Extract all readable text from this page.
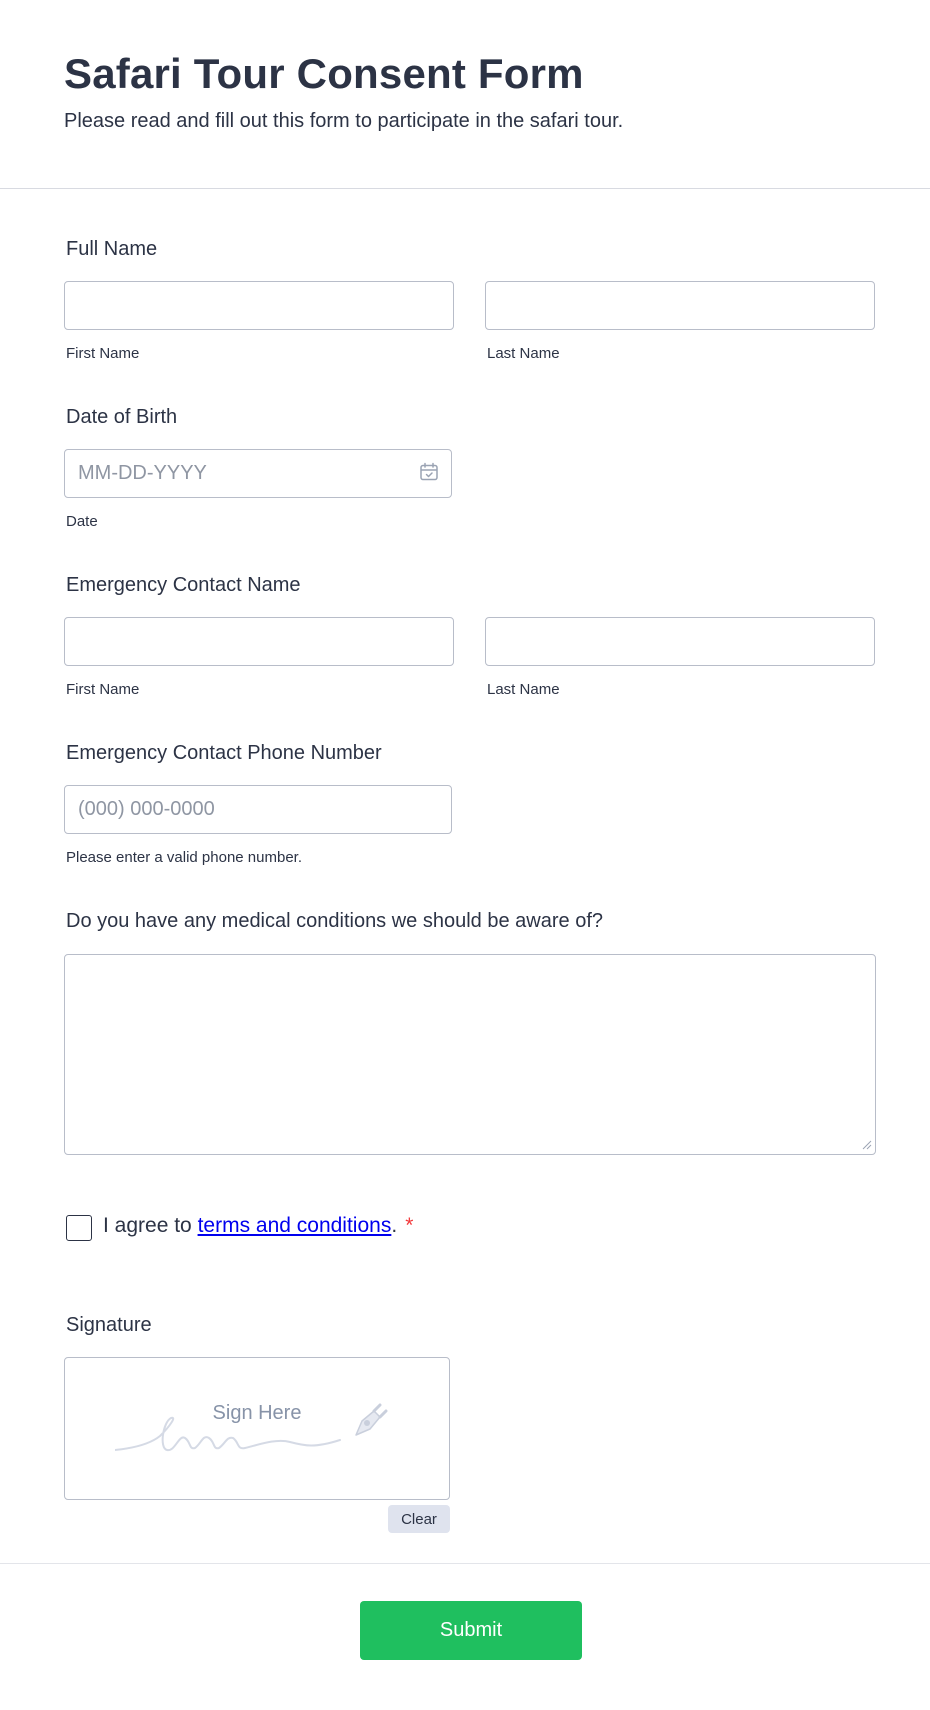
Safari Tour Consent Form

Please read and fill out this form to participate in the safari tour.

Full Name
First Name	Last Name
Date of Birth
MM-DD-YYYY
Date
Emergency Contact Name
First Name	Last Name
Emergency Contact Phone Number
(000) 000-0000
Please enter a valid phone number.
Do you have any medical conditions we should be aware of?
I agree to terms and conditions. *
Signature
Sign Here
Clear
Submit
